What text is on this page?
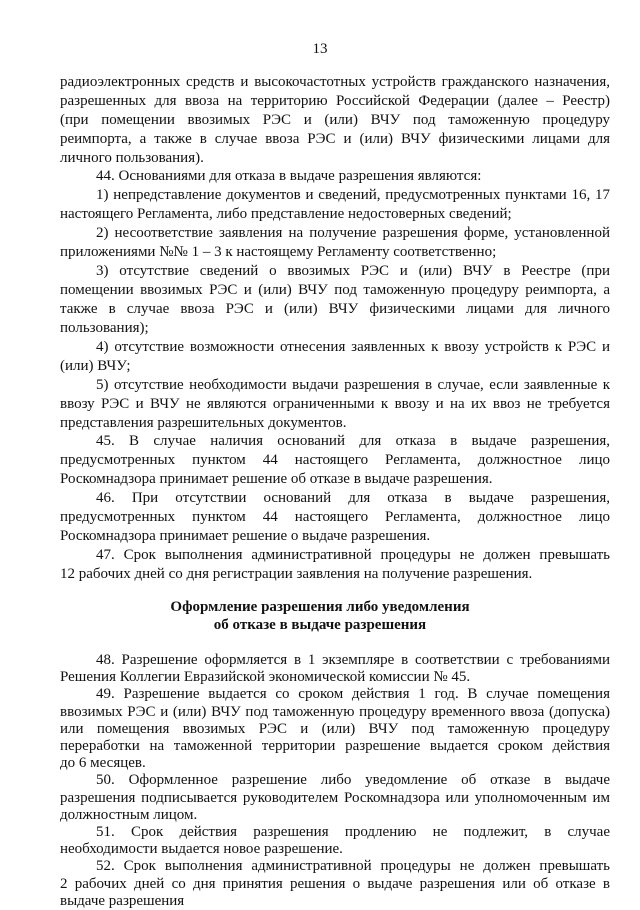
13
радиоэлектронных средств и высокочастотных устройств гражданского назначения,
разрешенных для ввоза на территорию Российской Федерации (далее – Реестр)
(при помещении ввозимых РЭС и (или) ВЧУ под таможенную процедуру
реимпорта, а также в случае ввоза РЭС и (или) ВЧУ физическими лицами для
личного пользования).
44. Основаниями для отказа в выдаче разрешения являются:
1) непредставление документов и сведений, предусмотренных пунктами 16, 17
настоящего Регламента, либо представление недостоверных сведений;
2) несоответствие заявления на получение разрешения форме, установленной
приложениями №№ 1 – 3 к настоящему Регламенту соответственно;
3) отсутствие сведений о ввозимых РЭС и (или) ВЧУ в Реестре (при
помещении ввозимых РЭС и (или) ВЧУ под таможенную процедуру реимпорта, а
также в случае ввоза РЭС и (или) ВЧУ физическими лицами для личного
пользования);
4) отсутствие возможности отнесения заявленных к ввозу устройств к РЭС и
(или) ВЧУ;
5) отсутствие необходимости выдачи разрешения в случае, если заявленные к
ввозу РЭС и ВЧУ не являются ограниченными к ввозу и на их ввоз не требуется
представления разрешительных документов.
45. В случае наличия оснований для отказа в выдаче разрешения,
предусмотренных пунктом 44 настоящего Регламента, должностное лицо
Роскомнадзора принимает решение об отказе в выдаче разрешения.
46. При отсутствии оснований для отказа в выдаче разрешения,
предусмотренных пунктом 44 настоящего Регламента, должностное лицо
Роскомнадзора принимает решение о выдаче разрешения.
47. Срок выполнения административной процедуры не должен превышать
12 рабочих дней со дня регистрации заявления на получение разрешения.
Оформление разрешения либо уведомления
об отказе в выдаче разрешения
48. Разрешение оформляется в 1 экземпляре в соответствии с требованиями
Решения Коллегии Евразийской экономической комиссии № 45.
49. Разрешение выдается со сроком действия 1 год. В случае помещения
ввозимых РЭС и (или) ВЧУ под таможенную процедуру временного ввоза (допуска)
или помещения ввозимых РЭС и (или) ВЧУ под таможенную процедуру
переработки на таможенной территории разрешение выдается сроком действия
до 6 месяцев.
50. Оформленное разрешение либо уведомление об отказе в выдаче
разрешения подписывается руководителем Роскомнадзора или уполномоченным им
должностным лицом.
51. Срок действия разрешения продлению не подлежит, в случае
необходимости выдается новое разрешение.
52. Срок выполнения административной процедуры не должен превышать
2 рабочих дней со дня принятия решения о выдаче разрешения или об отказе в
выдаче разрешения
